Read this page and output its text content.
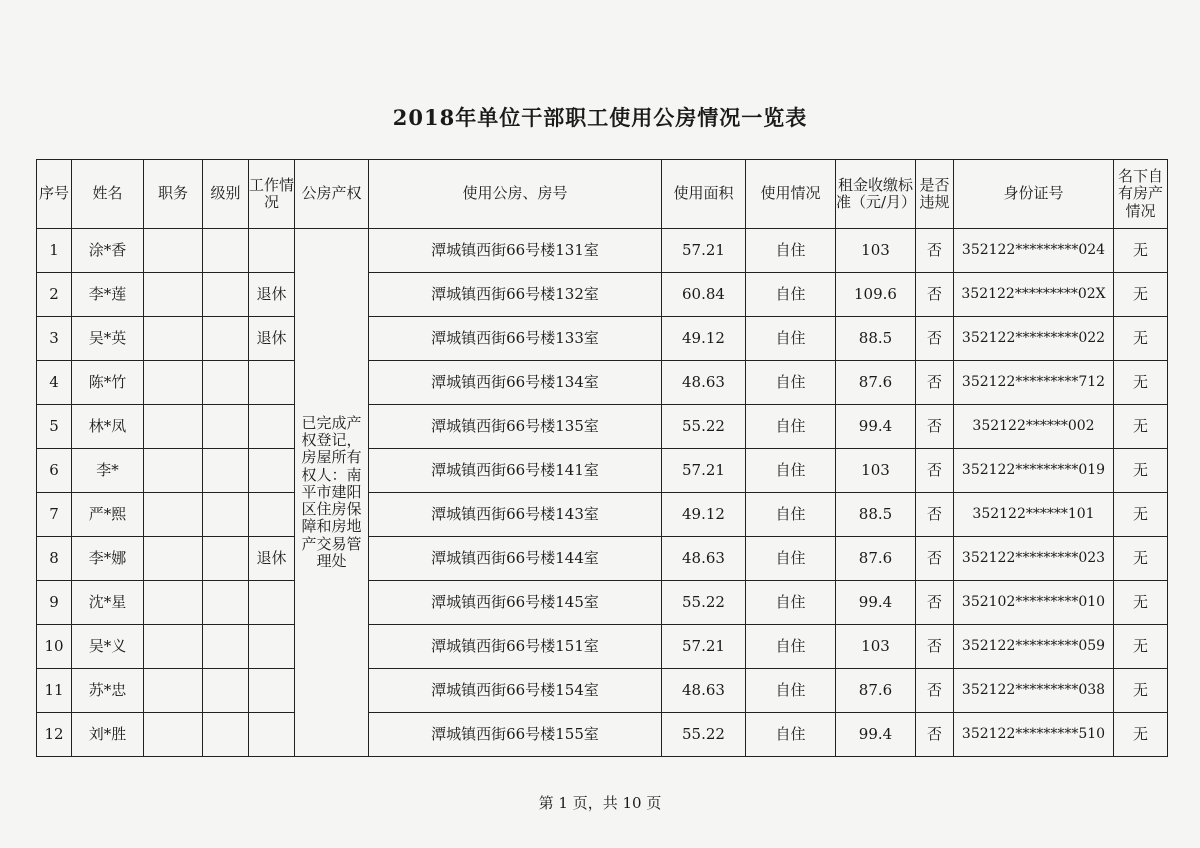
2018年单位干部职工使用公房情况一览表
序号	姓名	职务	级别	工作情况	公房产权	使用公房、房号	使用面积	使用情况	租金收缴标准（元/月）	是否违规	身份证号	名下自有房产情况
1	涂*香				已完成产权登记，房屋所有权人：南平市建阳区住房保障和房地产交易管理处	潭城镇西街66号楼131室	57.21	自住	103	否	352122*********024	无
2	李*莲			退休		潭城镇西街66号楼132室	60.84	自住	109.6	否	352122*********02X	无
3	吴*英			退休		潭城镇西街66号楼133室	49.12	自住	88.5	否	352122*********022	无
4	陈*竹					潭城镇西街66号楼134室	48.63	自住	87.6	否	352122*********712	无
5	林*凤					潭城镇西街66号楼135室	55.22	自住	99.4	否	352122******002	无
6	李*					潭城镇西街66号楼141室	57.21	自住	103	否	352122*********019	无
7	严*熙					潭城镇西街66号楼143室	49.12	自住	88.5	否	352122******101	无
8	李*娜			退休		潭城镇西街66号楼144室	48.63	自住	87.6	否	352122*********023	无
9	沈*星					潭城镇西街66号楼145室	55.22	自住	99.4	否	352102*********010	无
10	吴*义					潭城镇西街66号楼151室	57.21	自住	103	否	352122*********059	无
11	苏*忠					潭城镇西街66号楼154室	48.63	自住	87.6	否	352122*********038	无
12	刘*胜					潭城镇西街66号楼155室	55.22	自住	99.4	否	352122*********510	无
第 1 页，共 10 页
